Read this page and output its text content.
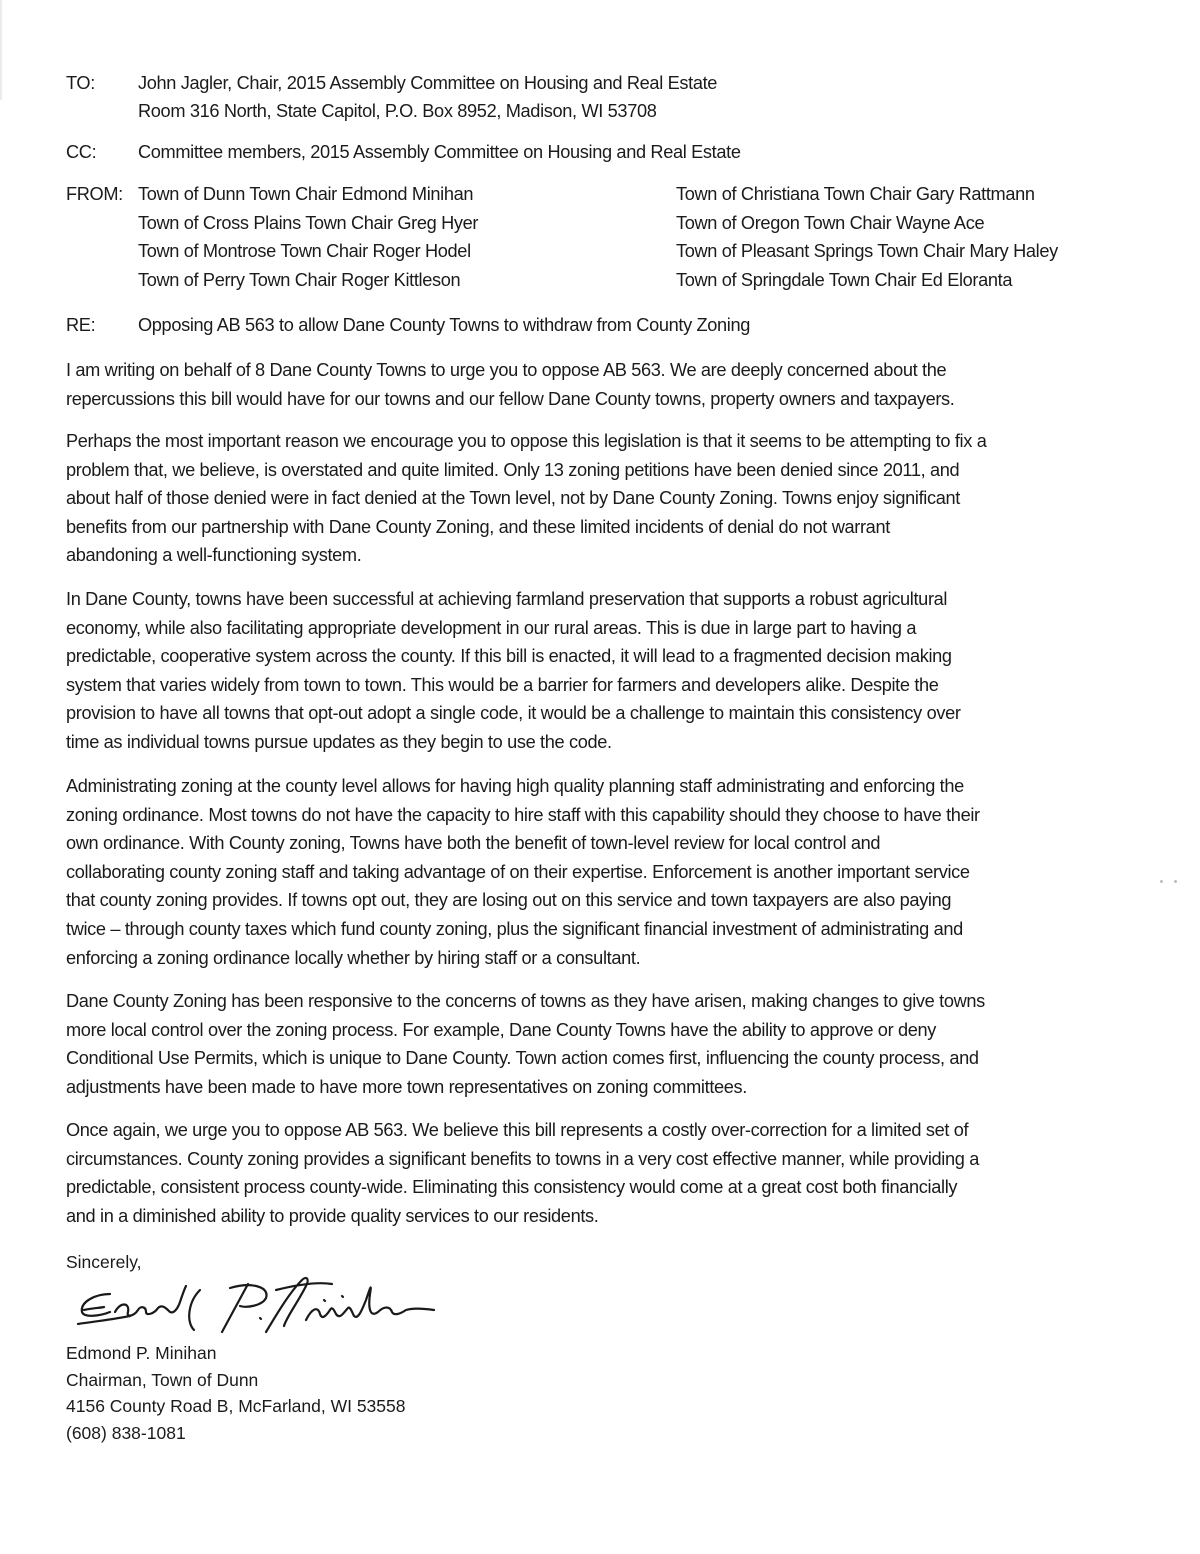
TO: John Jagler, Chair, 2015 Assembly Committee on Housing and Real Estate
Room 316 North, State Capitol, P.O. Box 8952, Madison, WI 53708
CC: Committee members, 2015 Assembly Committee on Housing and Real Estate
FROM: Town of Dunn Town Chair Edmond Minihan
Town of Cross Plains Town Chair Greg Hyer
Town of Montrose Town Chair Roger Hodel
Town of Perry Town Chair Roger Kittleson
Town of Christiana Town Chair Gary Rattmann
Town of Oregon Town Chair Wayne Ace
Town of Pleasant Springs Town Chair Mary Haley
Town of Springdale Town Chair Ed Eloranta
RE: Opposing AB 563 to allow Dane County Towns to withdraw from County Zoning
I am writing on behalf of 8 Dane County Towns to urge you to oppose AB 563. We are deeply concerned about the
repercussions this bill would have for our towns and our fellow Dane County towns, property owners and taxpayers.
Perhaps the most important reason we encourage you to oppose this legislation is that it seems to be attempting to fix a
problem that, we believe, is overstated and quite limited. Only 13 zoning petitions have been denied since 2011, and
about half of those denied were in fact denied at the Town level, not by Dane County Zoning. Towns enjoy significant
benefits from our partnership with Dane County Zoning, and these limited incidents of denial do not warrant
abandoning a well-functioning system.
In Dane County, towns have been successful at achieving farmland preservation that supports a robust agricultural
economy, while also facilitating appropriate development in our rural areas. This is due in large part to having a
predictable, cooperative system across the county. If this bill is enacted, it will lead to a fragmented decision making
system that varies widely from town to town. This would be a barrier for farmers and developers alike. Despite the
provision to have all towns that opt-out adopt a single code, it would be a challenge to maintain this consistency over
time as individual towns pursue updates as they begin to use the code.
Administrating zoning at the county level allows for having high quality planning staff administrating and enforcing the
zoning ordinance. Most towns do not have the capacity to hire staff with this capability should they choose to have their
own ordinance. With County zoning, Towns have both the benefit of town-level review for local control and
collaborating county zoning staff and taking advantage of on their expertise. Enforcement is another important service
that county zoning provides. If towns opt out, they are losing out on this service and town taxpayers are also paying
twice – through county taxes which fund county zoning, plus the significant financial investment of administrating and
enforcing a zoning ordinance locally whether by hiring staff or a consultant.
Dane County Zoning has been responsive to the concerns of towns as they have arisen, making changes to give towns
more local control over the zoning process. For example, Dane County Towns have the ability to approve or deny
Conditional Use Permits, which is unique to Dane County. Town action comes first, influencing the county process, and
adjustments have been made to have more town representatives on zoning committees.
Once again, we urge you to oppose AB 563. We believe this bill represents a costly over-correction for a limited set of
circumstances. County zoning provides a significant benefits to towns in a very cost effective manner, while providing a
predictable, consistent process county-wide. Eliminating this consistency would come at a great cost both financially
and in a diminished ability to provide quality services to our residents.
Sincerely,
Edmond P. Minihan
Chairman, Town of Dunn
4156 County Road B, McFarland, WI 53558
(608) 838-1081
